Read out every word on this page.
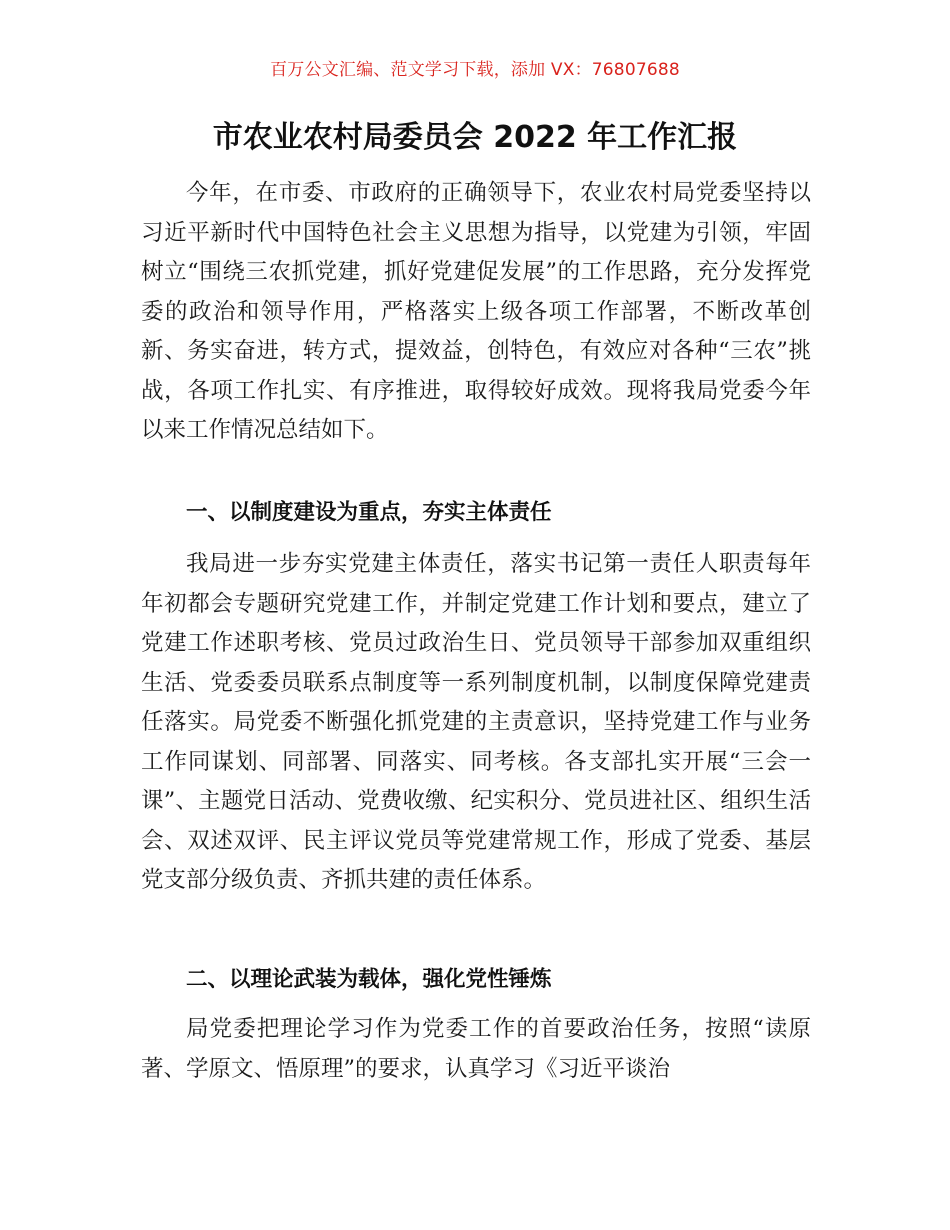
百万公文汇编、范文学习下载，添加 VX：76807688
市农业农村局委员会 2022 年工作汇报

今年，在市委、市政府的正确领导下，农业农村局党委坚持以习近平新时代中国特色社会主义思想为指导，以党建为引领，牢固树立“围绕三农抓党建，抓好党建促发展”的工作思路，充分发挥党委的政治和领导作用，严格落实上级各项工作部署，不断改革创新、务实奋进，转方式，提效益，创特色，有效应对各种“三农”挑战，各项工作扎实、有序推进，取得较好成效。现将我局党委今年以来工作情况总结如下。

一、以制度建设为重点，夯实主体责任

我局进一步夯实党建主体责任，落实书记第一责任人职责每年年初都会专题研究党建工作，并制定党建工作计划和要点，建立了党建工作述职考核、党员过政治生日、党员领导干部参加双重组织生活、党委委员联系点制度等一系列制度机制，以制度保障党建责任落实。局党委不断强化抓党建的主责意识，坚持党建工作与业务工作同谋划、同部署、同落实、同考核。各支部扎实开展“三会一课”、主题党日活动、党费收缴、纪实积分、党员进社区、组织生活会、双述双评、民主评议党员等党建常规工作，形成了党委、基层党支部分级负责、齐抓共建的责任体系。

二、以理论武装为载体，强化党性锤炼

局党委把理论学习作为党委工作的首要政治任务，按照“读原著、学原文、悟原理”的要求，认真学习《习近平谈治
